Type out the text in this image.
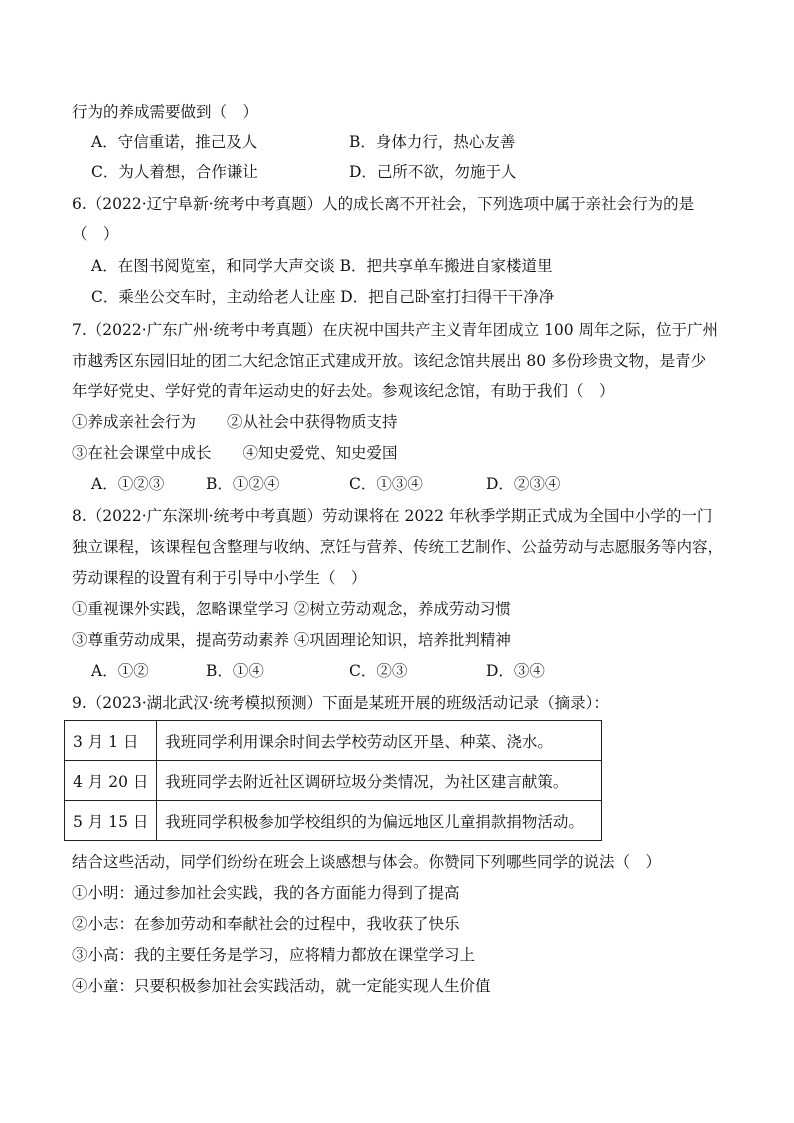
行为的养成需要做到（　）
A．守信重诺，推己及人	B．身体力行，热心友善
C．为人着想，合作谦让	D．己所不欲，勿施于人
6.（2022·辽宁阜新·统考中考真题）人的成长离不开社会，下列选项中属于亲社会行为的是
（　）
A．在图书阅览室，和同学大声交谈 B．把共享单车搬进自家楼道里
C．乘坐公交车时，主动给老人让座 D．把自己卧室打扫得干干净净
7.（2022·广东广州·统考中考真题）在庆祝中国共产主义青年团成立 100 周年之际，位于广州
市越秀区东园旧址的团二大纪念馆正式建成开放。该纪念馆共展出 80 多份珍贵文物，是青少
年学好党史、学好党的青年运动史的好去处。参观该纪念馆，有助于我们（　）
①养成亲社会行为　　②从社会中获得物质支持
③在社会课堂中成长　　④知史爱党、知史爱国
A．①②③	B．①②④	C．①③④	D．②③④
8.（2022·广东深圳·统考中考真题）劳动课将在 2022 年秋季学期正式成为全国中小学的一门
独立课程，该课程包含整理与收纳、烹饪与营养、传统工艺制作、公益劳动与志愿服务等内容，
劳动课程的设置有利于引导中小学生（　）
①重视课外实践，忽略课堂学习 ②树立劳动观念，养成劳动习惯
③尊重劳动成果，提高劳动素养 ④巩固理论知识，培养批判精神
A．①②	B．①④	C．②③	D．③④
9.（2023·湖北武汉·统考模拟预测）下面是某班开展的班级活动记录（摘录）：
3 月 1 日	我班同学利用课余时间去学校劳动区开垦、种菜、浇水。
4 月 20 日	我班同学去附近社区调研垃圾分类情况，为社区建言献策。
5 月 15 日	我班同学积极参加学校组织的为偏远地区儿童捐款捐物活动。
结合这些活动，同学们纷纷在班会上谈感想与体会。你赞同下列哪些同学的说法（　）
①小明：通过参加社会实践，我的各方面能力得到了提高
②小志：在参加劳动和奉献社会的过程中，我收获了快乐
③小高：我的主要任务是学习，应将精力都放在课堂学习上
④小童：只要积极参加社会实践活动，就一定能实现人生价值
